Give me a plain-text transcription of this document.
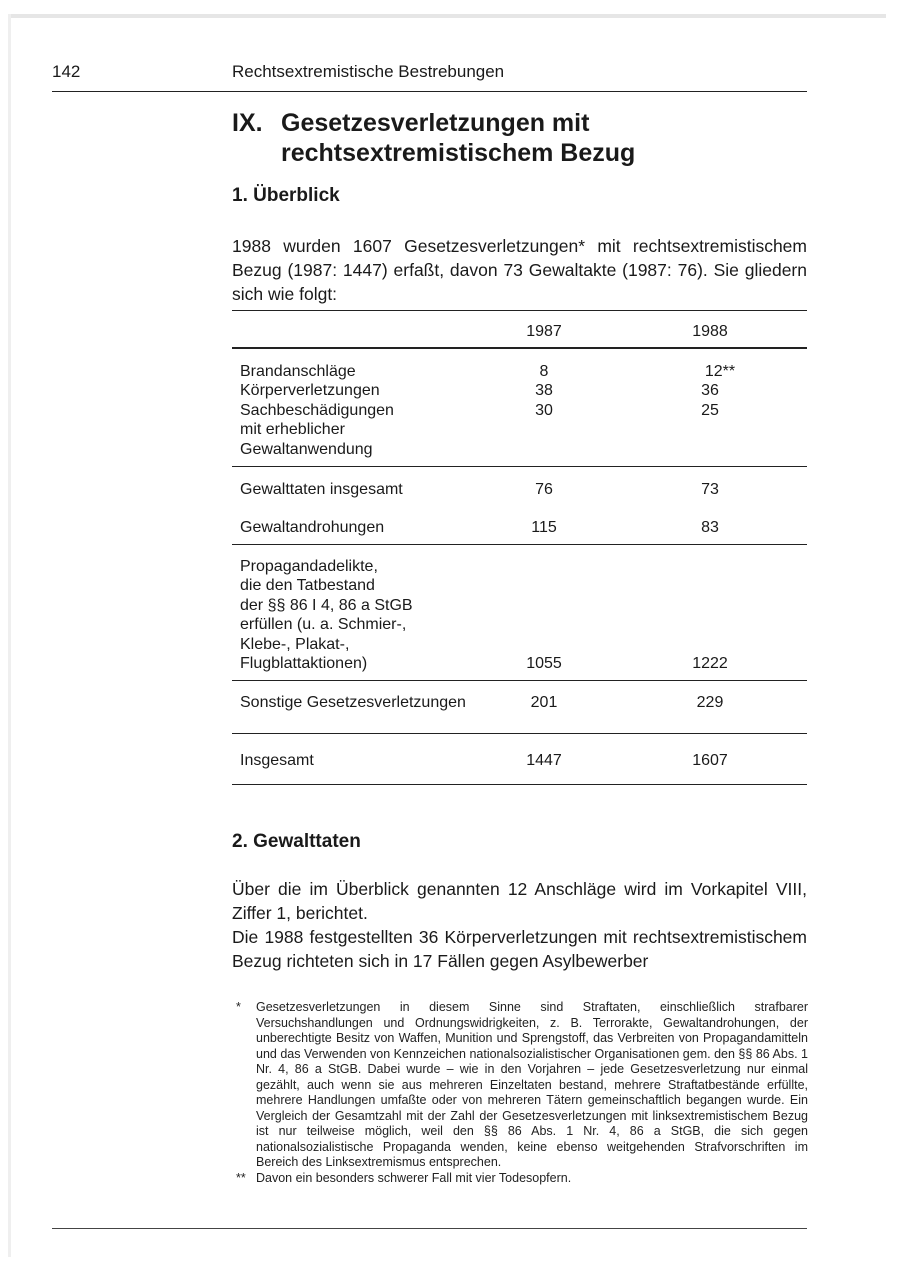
142	Rechtsextremistische Bestrebungen
IX. Gesetzesverletzungen mit
rechtsextremistischem Bezug
1. Überblick

1988 wurden 1607 Gesetzesverletzungen* mit rechtsextremistischem Bezug (1987: 1447) erfaßt, davon 73 Gewaltakte (1987: 76). Sie gliedern sich wie folgt:

1987	1988
Brandanschläge	8	12**
Körperverletzungen	38	36
Sachbeschädigungen	30	25
mit erheblicher
Gewaltanwendung
Gewalttaten insgesamt	76	73
Gewaltandrohungen	115	83
Propagandadelikte,
die den Tatbestand
der §§ 86 I 4, 86 a StGB
erfüllen (u. a. Schmier-,
Klebe-, Plakat-,
Flugblattaktionen)	1055	1222
Sonstige Gesetzesverletzungen	201	229
Insgesamt	1447	1607
2. Gewalttaten

Über die im Überblick genannten 12 Anschläge wird im Vorkapitel VIII, Ziffer 1, berichtet.

Die 1988 festgestellten 36 Körperverletzungen mit rechtsextremistischem Bezug richteten sich in 17 Fällen gegen Asylbewerber

* Gesetzesverletzungen in diesem Sinne sind Straftaten, einschließlich strafbarer Versuchshandlungen und Ordnungswidrigkeiten, z. B. Terrorakte, Gewaltandrohungen, der unberechtigte Besitz von Waffen, Munition und Sprengstoff, das Verbreiten von Propagandamitteln und das Verwenden von Kennzeichen nationalsozialistischer Organisationen gem. den §§ 86 Abs. 1 Nr. 4, 86 a StGB. Dabei wurde – wie in den Vorjahren – jede Gesetzesverletzung nur einmal gezählt, auch wenn sie aus mehreren Einzeltaten bestand, mehrere Straftatbestände erfüllte, mehrere Handlungen umfaßte oder von mehreren Tätern gemeinschaftlich begangen wurde. Ein Vergleich der Gesamtzahl mit der Zahl der Gesetzesverletzungen mit linksextremistischem Bezug ist nur teilweise möglich, weil den §§ 86 Abs. 1 Nr. 4, 86 a StGB, die sich gegen nationalsozialistische Propaganda wenden, keine ebenso weitgehenden Strafvorschriften im Bereich des Linksextremismus entsprechen.
** Davon ein besonders schwerer Fall mit vier Todesopfern.
